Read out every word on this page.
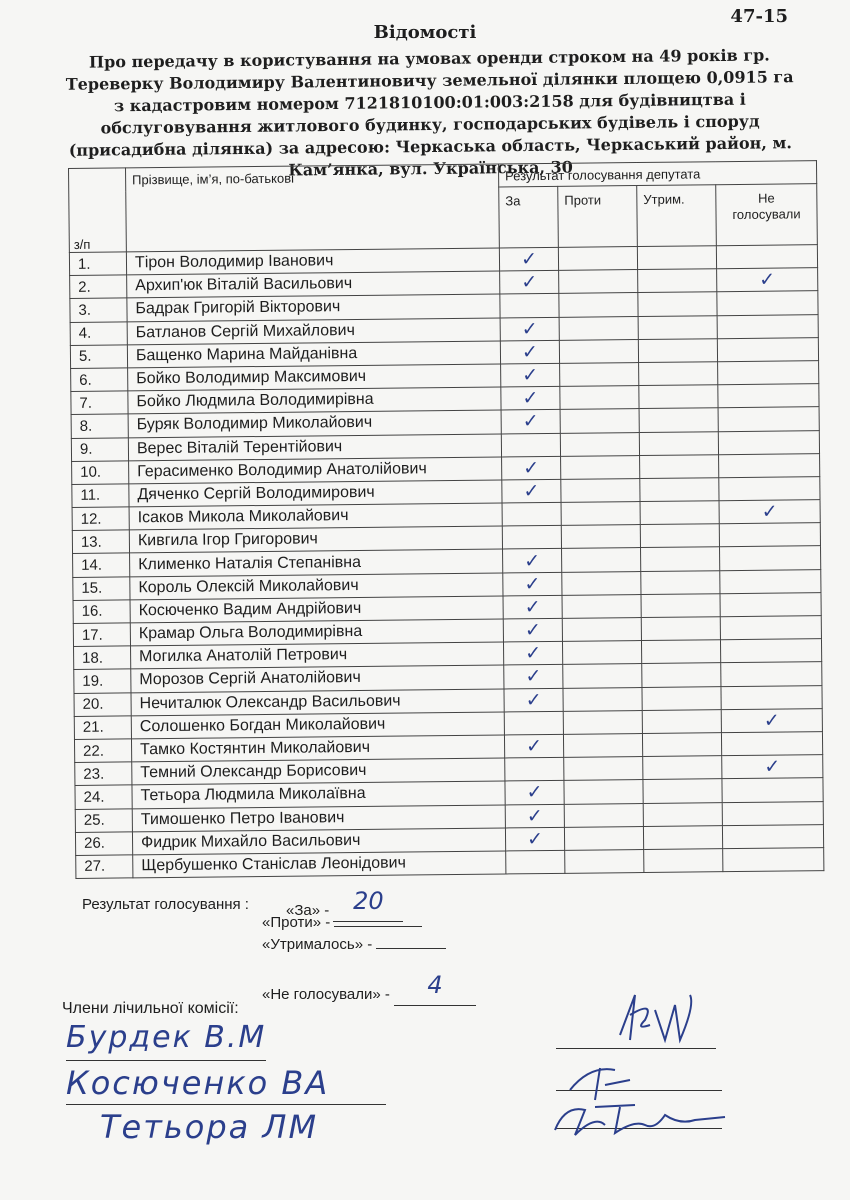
47-15
Відомості
Про передачу в користування на умовах оренди строком на 49 років гр.
Тереверку Володимиру Валентиновичу земельної ділянки площею 0,0915 га
з кадастровим номером 7121810100:01:003:2158 для будівництва і
обслуговування житлового будинку, господарських будівель і споруд
(присадибна ділянка) за адресою: Черкаська область, Черкаський район, м.
Кам’янка, вул. Українська, 30
з/п	Прізвище, ім’я, по-батькові	Результат голосування депутата			
		За	Проти	Утрим.	Не голосували
1.	Тірон Володимир Іванович	✓			
2.	Архип'юк Віталій Васильович	✓			✓
3.	Бадрак Григорій Вікторович				
4.	Батланов Сергій Михайлович	✓			
5.	Бащенко Марина Майданівна	✓			
6.	Бойко Володимир Максимович	✓			
7.	Бойко Людмила Володимирівна	✓			
8.	Буряк Володимир Миколайович	✓			
9.	Верес Віталій Терентійович				
10.	Герасименко Володимир Анатолійович	✓			
11.	Дяченко Сергій Володимирович	✓			
12.	Ісаков Микола Миколайович				✓
13.	Кивгила Ігор Григорович				
14.	Клименко Наталія Степанівна	✓			
15.	Король Олексій Миколайович	✓			
16.	Косюченко Вадим Андрійович	✓			
17.	Крамар Ольга Володимирівна	✓			
18.	Могилка Анатолій Петрович	✓			
19.	Морозов Сергій Анатолійович	✓			
20.	Нечиталюк Олександр Васильович	✓			
21.	Солошенко Богдан Миколайович				✓
22.	Тамко Костянтин Миколайович	✓			
23.	Темний Олександр Борисович				✓
24.	Тетьора Людмила Миколаївна	✓			
25.	Тимошенко Петро Іванович	✓			
26.	Фидрик Михайло Васильович	✓			
27.	Щербушенко Станіслав Леонідович				
Результат голосування : «За» - 20
«Проти» -
«Утрималось» -
«Не голосували» - 4
Члени лічильної комісії:
Бурдек В.М
Косюченко ВА
Тетьора ЛМ
